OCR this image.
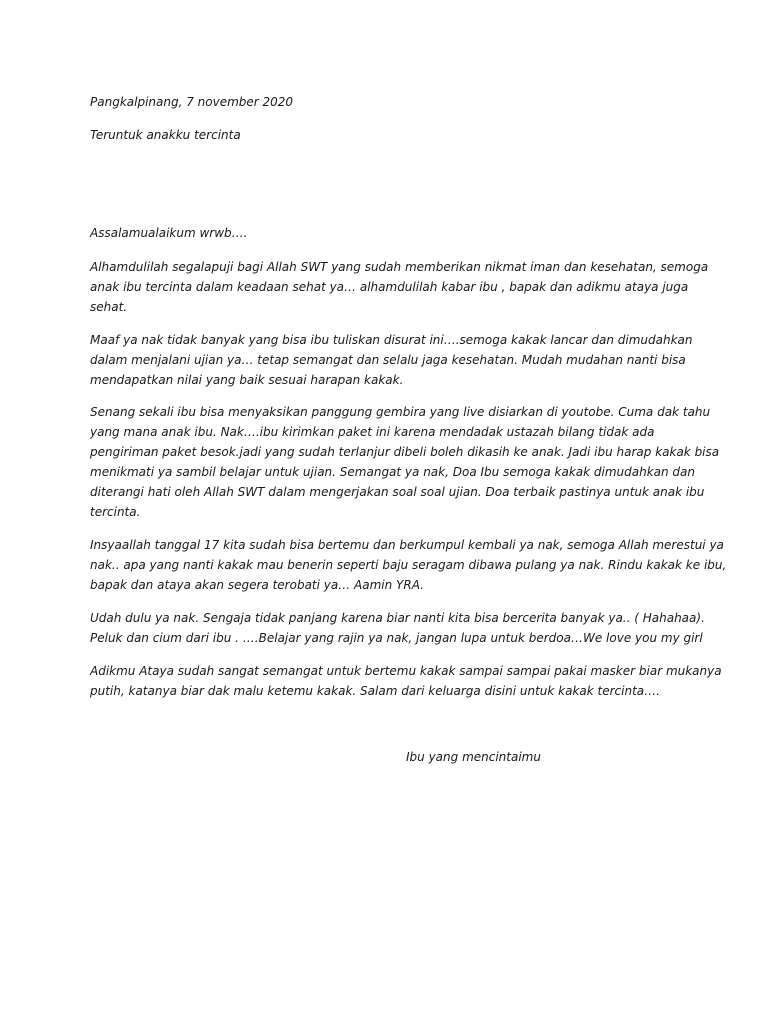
Pangkalpinang, 7 november 2020
Teruntuk anakku tercinta
Assalamualaikum wrwb….
Alhamdulilah segalapuji bagi Allah SWT yang sudah memberikan nikmat iman dan kesehatan, semoga
anak ibu tercinta dalam keadaan sehat ya… alhamdulilah kabar ibu , bapak dan adikmu ataya juga
sehat.
Maaf ya nak tidak banyak yang bisa ibu tuliskan disurat ini….semoga kakak lancar dan dimudahkan
dalam menjalani ujian ya… tetap semangat dan selalu jaga kesehatan. Mudah mudahan nanti bisa
mendapatkan nilai yang baik sesuai harapan kakak.
Senang sekali ibu bisa menyaksikan panggung gembira yang live disiarkan di youtobe. Cuma dak tahu
yang mana anak ibu. Nak….ibu kirimkan paket ini karena mendadak ustazah bilang tidak ada
pengiriman paket besok.jadi yang sudah terlanjur dibeli boleh dikasih ke anak. Jadi ibu harap kakak bisa
menikmati ya sambil belajar untuk ujian. Semangat ya nak, Doa Ibu semoga kakak dimudahkan dan
diterangi hati oleh Allah SWT dalam mengerjakan soal soal ujian. Doa terbaik pastinya untuk anak ibu
tercinta.
Insyaallah tanggal 17 kita sudah bisa bertemu dan berkumpul kembali ya nak, semoga Allah merestui ya
nak.. apa yang nanti kakak mau benerin seperti baju seragam dibawa pulang ya nak. Rindu kakak ke ibu,
bapak dan ataya akan segera terobati ya… Aamin YRA.
Udah dulu ya nak. Sengaja tidak panjang karena biar nanti kita bisa bercerita banyak ya.. ( Hahahaa).
Peluk dan cium dari ibu . ….Belajar yang rajin ya nak, jangan lupa untuk berdoa…We love you my girl
Adikmu Ataya sudah sangat semangat untuk bertemu kakak sampai sampai pakai masker biar mukanya
putih, katanya biar dak malu ketemu kakak. Salam dari keluarga disini untuk kakak tercinta….
Ibu yang mencintaimu
